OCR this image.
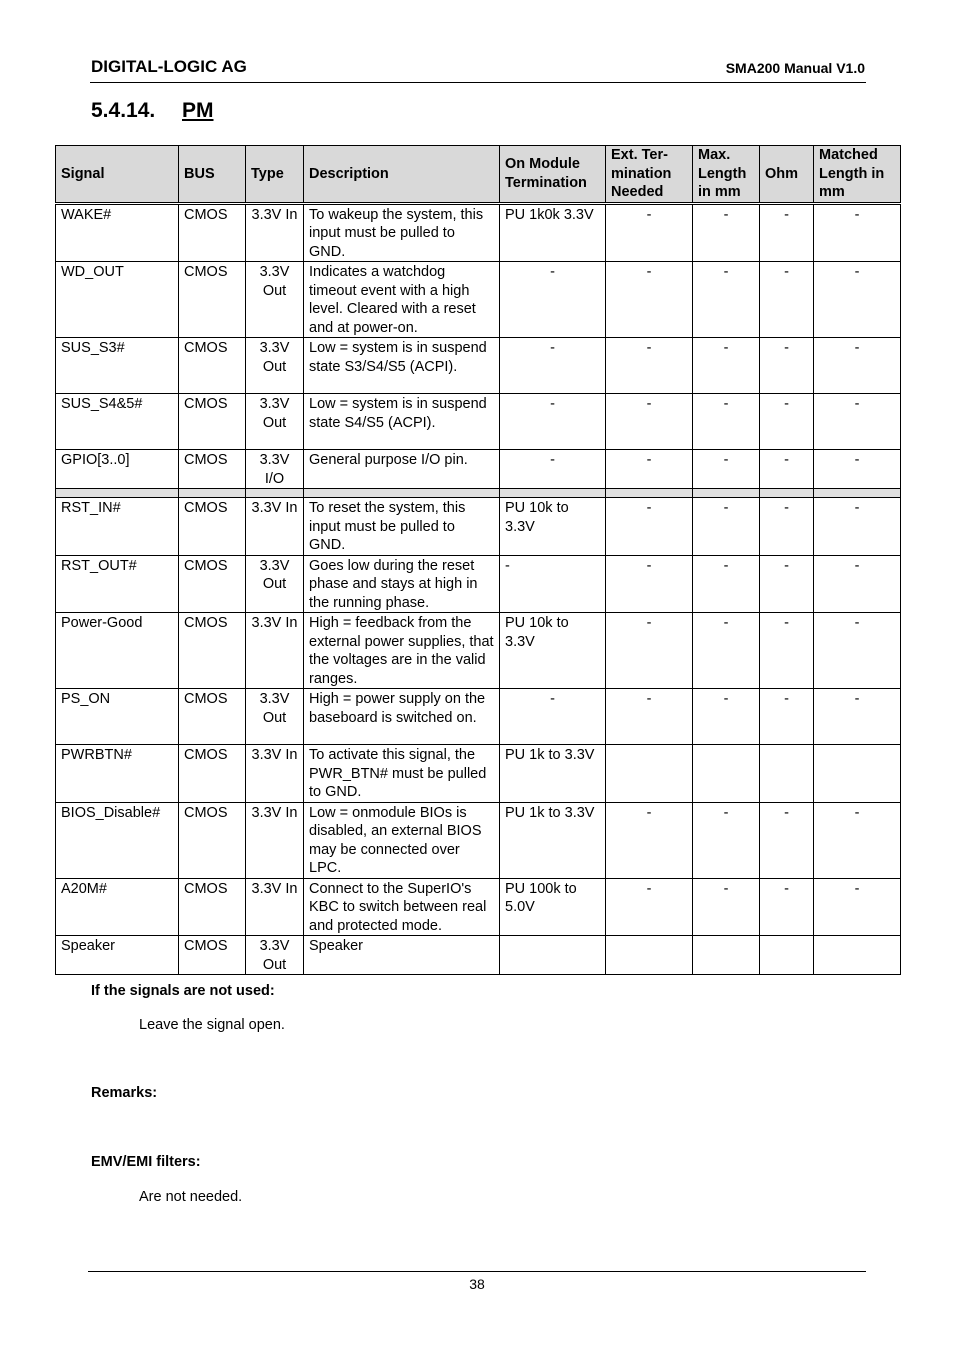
DIGITAL-LOGIC AG	SMA200 Manual V1.0
5.4.14. PM
Signal	BUS	Type	Description	On Module Termination	Ext. Ter- mination Needed	Max. Length in mm	Ohm	Matched Length in mm
WAKE#	CMOS	3.3V In	To wakeup the system, this input must be pulled to GND.	PU 1k0k 3.3V	-	-	-	-
WD_OUT	CMOS	3.3V Out	Indicates a watchdog timeout event with a high level. Cleared with a reset and at power-on.	-	-	-	-	-
SUS_S3#	CMOS	3.3V Out	Low = system is in suspend state S3/S4/S5 (ACPI).	-	-	-	-	-
SUS_S4&5#	CMOS	3.3V Out	Low = system is in suspend state S4/S5 (ACPI).	-	-	-	-	-
GPIO[3..0]	CMOS	3.3V I/O	General purpose I/O pin.	-	-	-	-	-

RST_IN#	CMOS	3.3V In	To reset the system, this input must be pulled to GND.	PU 10k to 3.3V	-	-	-	-
RST_OUT#	CMOS	3.3V Out	Goes low during the reset phase and stays at high in the running phase.	-	-	-	-	-
Power-Good	CMOS	3.3V In	High = feedback from the external power supplies, that the voltages are in the valid ranges.	PU 10k to 3.3V	-	-	-	-
PS_ON	CMOS	3.3V Out	High = power supply on the baseboard is switched on.	-	-	-	-	-
PWRBTN#	CMOS	3.3V In	To activate this signal, the PWR_BTN# must be pulled to GND.	PU 1k to 3.3V				
BIOS_Disable#	CMOS	3.3V In	Low = onmodule BIOs is disabled, an external BIOS may be connected over LPC.	PU 1k to 3.3V	-	-	-	-
A20M#	CMOS	3.3V In	Connect to the SuperIO's KBC to switch between real and protected mode.	PU 100k to 5.0V	-	-	-	-
Speaker	CMOS	3.3V Out	Speaker					
If the signals are not used:
Leave the signal open.
Remarks:
EMV/EMI filters:
Are not needed.
38
